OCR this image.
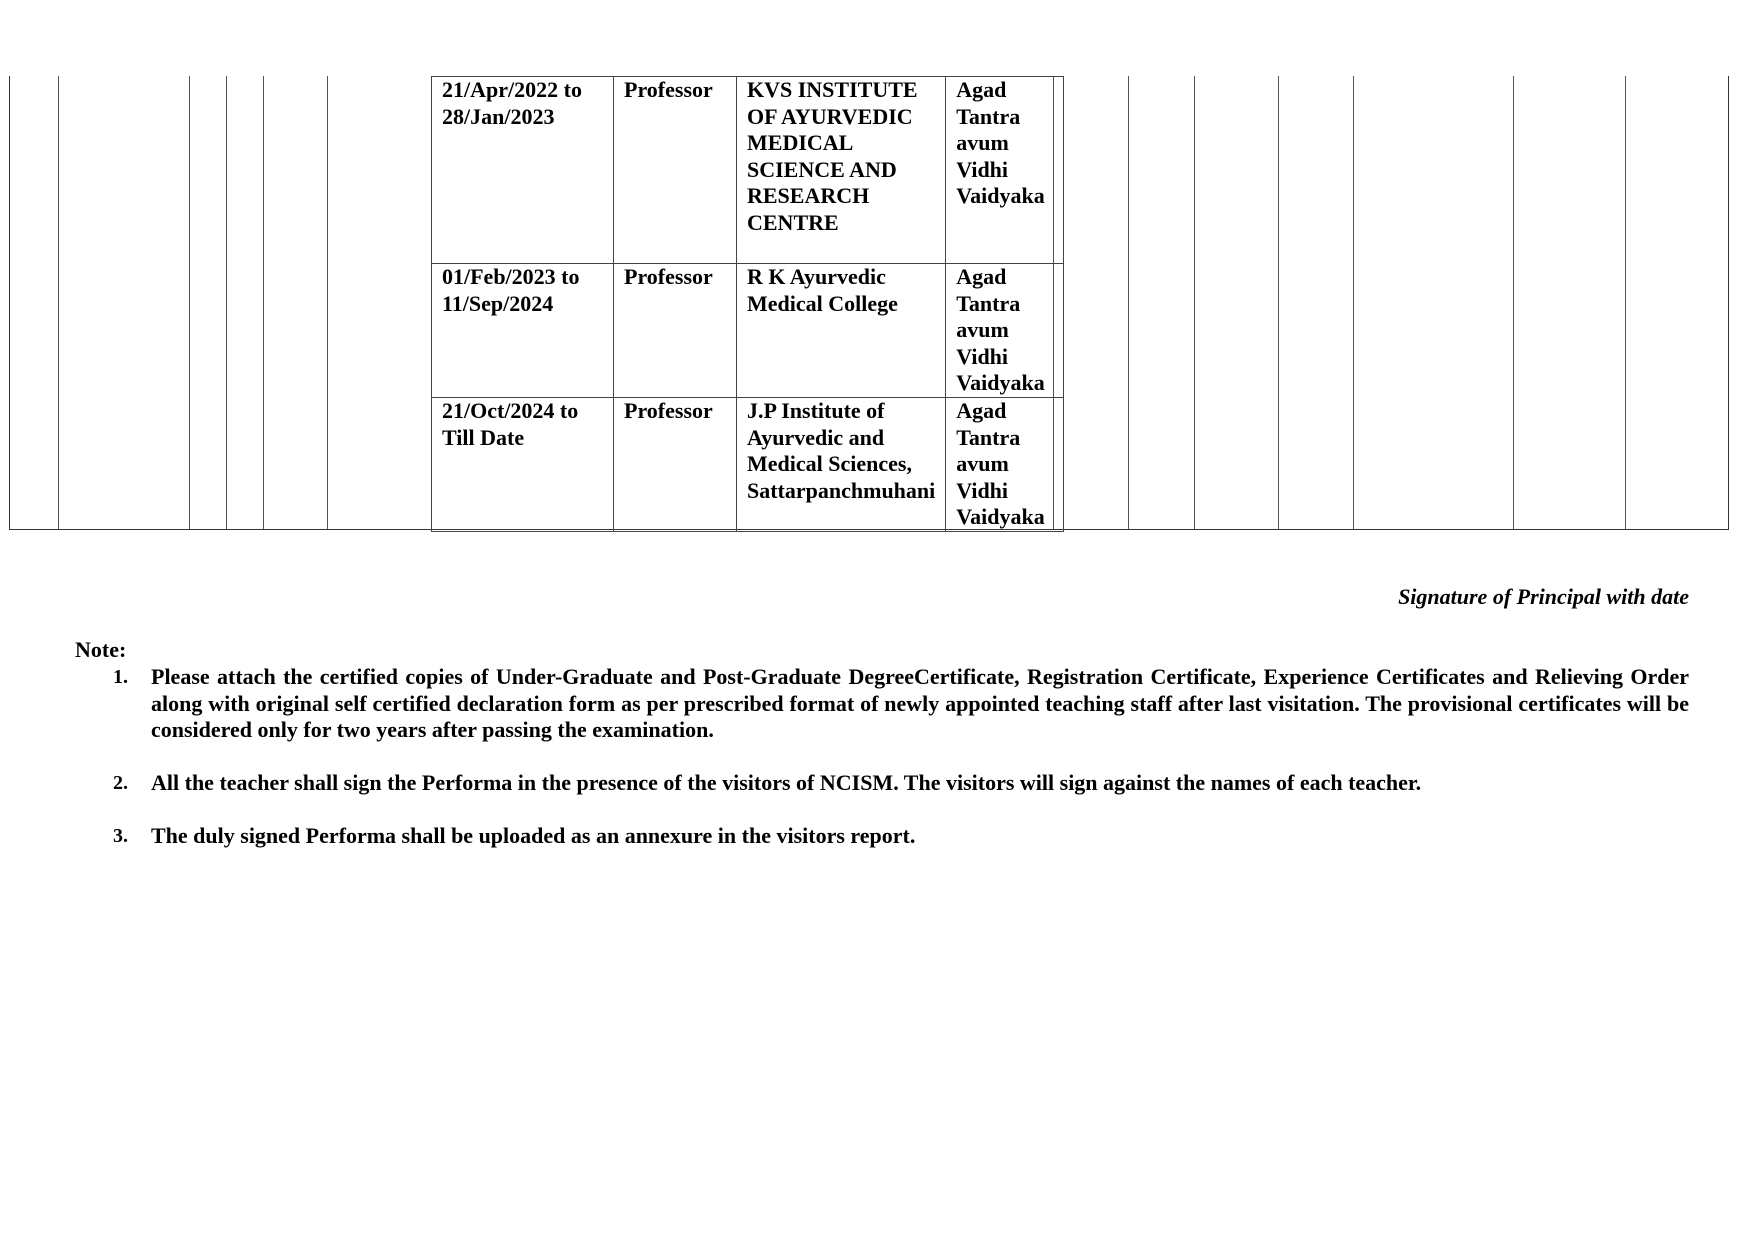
21/Apr/2022 to 28/Jan/2023	Professor	KVS INSTITUTE OF AYURVEDIC MEDICAL SCIENCE AND RESEARCH CENTRE	Agad Tantra avum Vidhi Vaidyaka
01/Feb/2023 to 11/Sep/2024	Professor	R K Ayurvedic Medical College	Agad Tantra avum Vidhi Vaidyaka
21/Oct/2024 to Till Date	Professor	J.P Institute of Ayurvedic and Medical Sciences, Sattarpanchmuhani	Agad Tantra avum Vidhi Vaidyaka
Signature of Principal with date
Note:
1. Please attach the certified copies of Under-Graduate and Post-Graduate DegreeCertificate, Registration Certificate, Experience Certificates and Relieving Order along with original self certified declaration form as per prescribed format of newly appointed teaching staff after last visitation. The provisional certificates will be considered only for two years after passing the examination.
2. All the teacher shall sign the Performa in the presence of the visitors of NCISM. The visitors will sign against the names of each teacher.
3. The duly signed Performa shall be uploaded as an annexure in the visitors report.
